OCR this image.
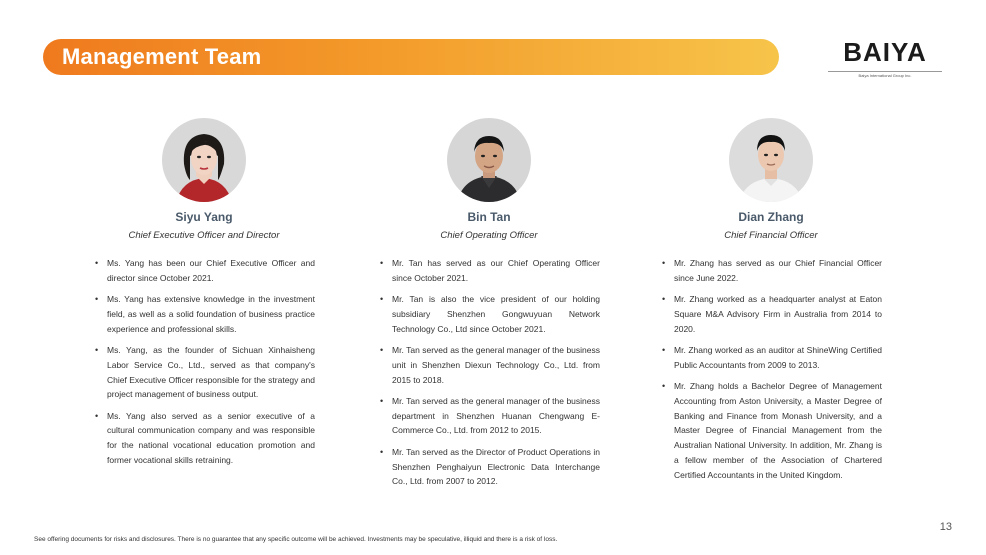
Management Team	BAIYA
Baiya International Group Inc.
Siyu Yang
Chief Executive Officer and Director
• Ms. Yang has been our Chief Executive Officer and director since October 2021.
• Ms. Yang has extensive knowledge in the investment field, as well as a solid foundation of business practice experience and professional skills.
• Ms. Yang, as the founder of Sichuan Xinhaisheng Labor Service Co., Ltd., served as that company's Chief Executive Officer responsible for the strategy and project management of business output.
• Ms. Yang also served as a senior executive of a cultural communication company and was responsible for the national vocational education promotion and former vocational skills retraining.
Bin Tan
Chief Operating Officer
• Mr. Tan has served as our Chief Operating Officer since October 2021.
• Mr. Tan is also the vice president of our holding subsidiary Shenzhen Gongwuyuan Network Technology Co., Ltd since October 2021.
• Mr. Tan served as the general manager of the business unit in Shenzhen Diexun Technology Co., Ltd. from 2015 to 2018.
• Mr. Tan served as the general manager of the business department in Shenzhen Huanan Chengwang E-Commerce Co., Ltd. from 2012 to 2015.
• Mr. Tan served as the Director of Product Operations in Shenzhen Penghaiyun Electronic Data Interchange Co., Ltd. from 2007 to 2012.
Dian Zhang
Chief Financial Officer
• Mr. Zhang has served as our Chief Financial Officer since June 2022.
• Mr. Zhang worked as a headquarter analyst at Eaton Square M&A Advisory Firm in Australia from 2014 to 2020.
• Mr. Zhang worked as an auditor at ShineWing Certified Public Accountants from 2009 to 2013.
• Mr. Zhang holds a Bachelor Degree of Management Accounting from Aston University, a Master Degree of Banking and Finance from Monash University, and a Master Degree of Financial Management from the Australian National University. In addition, Mr. Zhang is a fellow member of the Association of Chartered Certified Accountants in the United Kingdom.
13
See offering documents for risks and disclosures. There is no guarantee that any specific outcome will be achieved. Investments may be speculative, illiquid and there is a risk of loss.
